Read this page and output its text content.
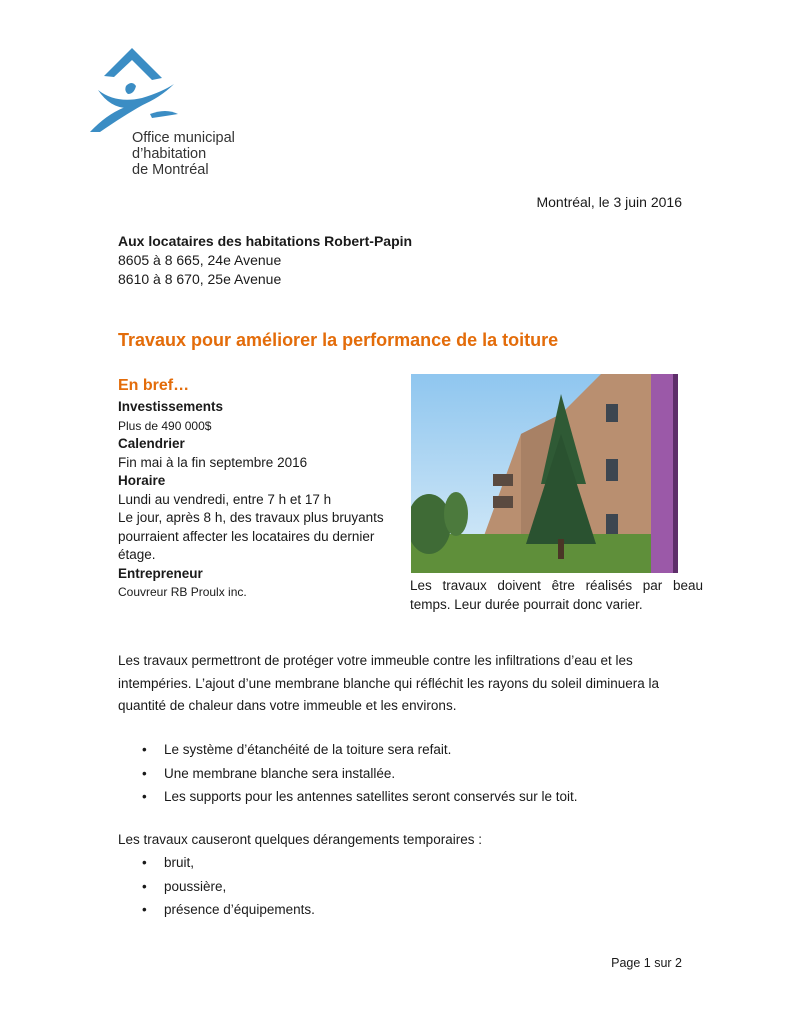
Office municipal
d’habitation
de Montréal
Montréal, le 3 juin 2016
Aux locataires des habitations Robert-Papin
8605 à 8 665, 24e Avenue
8610 à 8 670, 25e Avenue
Travaux pour améliorer la performance de la toiture
En bref…
Investissements
Plus de 490 000$
Calendrier
Fin mai à la fin septembre 2016
Horaire
Lundi au vendredi, entre 7 h et 17 h
Le jour, après 8 h, des travaux plus bruyants pourraient affecter les locataires du dernier étage.
Entrepreneur
Couvreur RB Proulx inc.	Les travaux doivent être réalisés par beau temps. Leur durée pourrait donc varier.
Les travaux permettront de protéger votre immeuble contre les infiltrations d’eau et les intempéries. L’ajout d’une membrane blanche qui réfléchit les rayons du soleil diminuera la quantité de chaleur dans votre immeuble et les environs.
• Le système d’étanchéité de la toiture sera refait.
• Une membrane blanche sera installée.
• Les supports pour les antennes satellites seront conservés sur le toit.
Les travaux causeront quelques dérangements temporaires :
• bruit,
• poussière,
• présence d’équipements.
Page 1 sur 2
